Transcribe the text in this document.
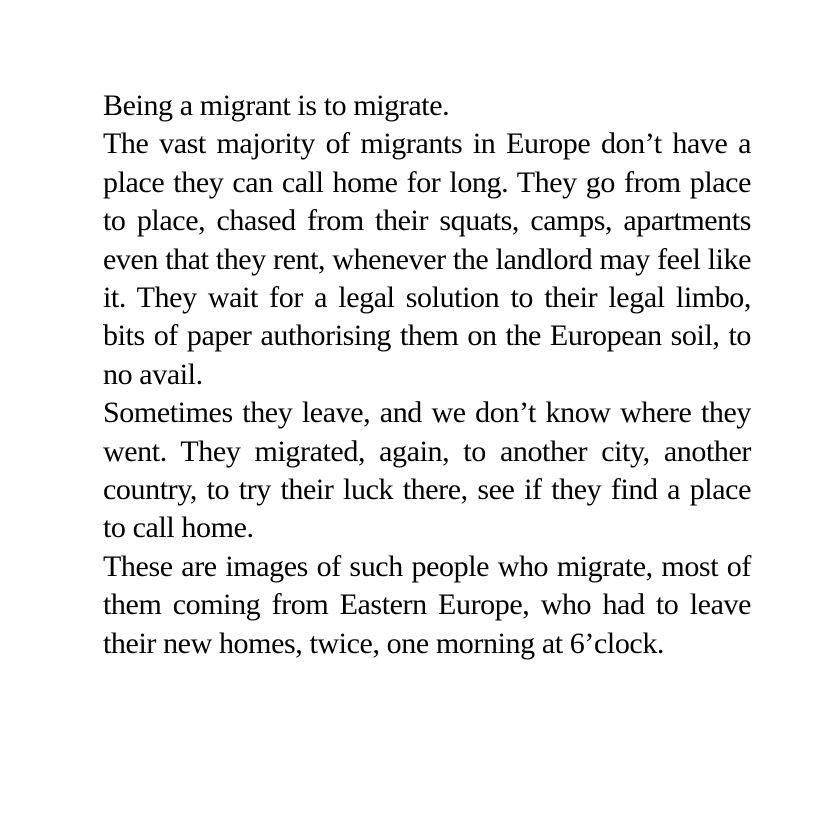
Being a migrant is to migrate.

The vast majority of migrants in Europe don’t have a place they can call home for long. They go from place to place, chased from their squats, camps, apartments even that they rent, whenever the landlord may feel like it. They wait for a legal solution to their legal limbo, bits of paper authorising them on the European soil, to no avail.

Sometimes they leave, and we don’t know where they went. They migrated, again, to another city, another country, to try their luck there, see if they find a place to call home.

These are images of such people who migrate, most of them coming from Eastern Europe, who had to leave their new homes, twice, one morning at 6’clock.
